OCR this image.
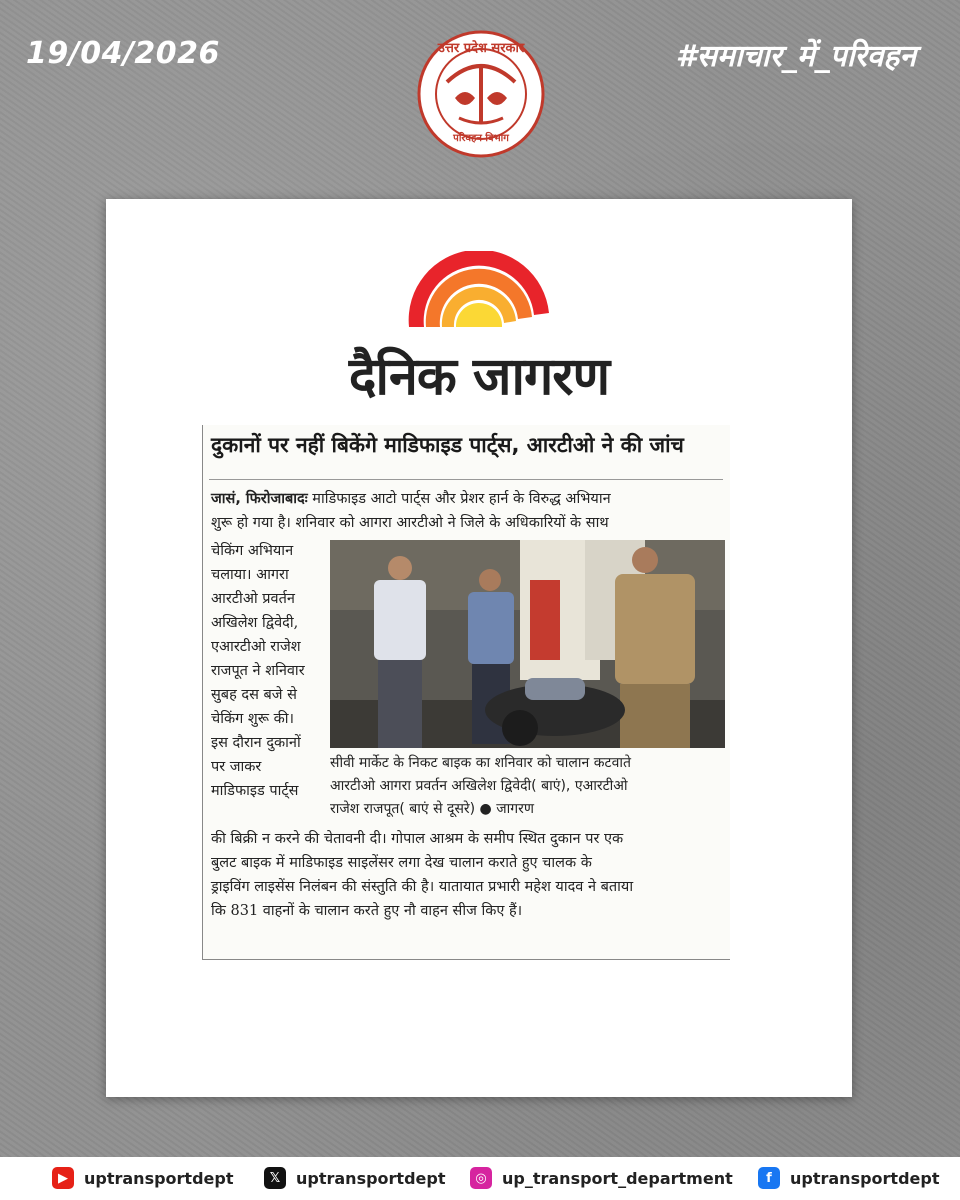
19/04/2026	#समाचार_में_परिवहन
उत्तर प्रदेश सरकार
परिवहन विभाग
दैनिक जागरण
दुकानों पर नहीं बिकेंगे माडिफाइड पार्ट्स, आरटीओ ने की जांच
जासं, फिरोजाबादः माडिफाइड आटो पार्ट्स और प्रेशर हार्न के विरुद्ध अभियान
शुरू हो गया है। शनिवार को आगरा आरटीओ ने जिले के अधिकारियों के साथ
चेकिंग अभियान
चलाया। आगरा
आरटीओ प्रवर्तन
अखिलेश द्विवेदी,
एआरटीओ राजेश
राजपूत ने शनिवार
सुबह दस बजे से
चेकिंग शुरू की।
इस दौरान दुकानों
पर जाकर
माडिफाइड पार्ट्स
सीवी मार्केट के निकट बाइक का शनिवार को चालान कटवाते
आरटीओ आगरा प्रवर्तन अखिलेश द्विवेदी( बाएं), एआरटीओ
राजेश राजपूत( बाएं से दूसरे) ● जागरण
की बिक्री न करने की चेतावनी दी। गोपाल आश्रम के समीप स्थित दुकान पर एक
बुलट बाइक में माडिफाइड साइलेंसर लगा देख चालान कराते हुए चालक के
ड्राइविंग लाइसेंस निलंबन की संस्तुति की है। यातायात प्रभारी महेश यादव ने बताया
कि 831 वाहनों के चालान करते हुए नौ वाहन सीज किए हैं।
▶	uptransportdept	𝕏 uptransportdept	◎ up_transport_department	f	uptransportdept
